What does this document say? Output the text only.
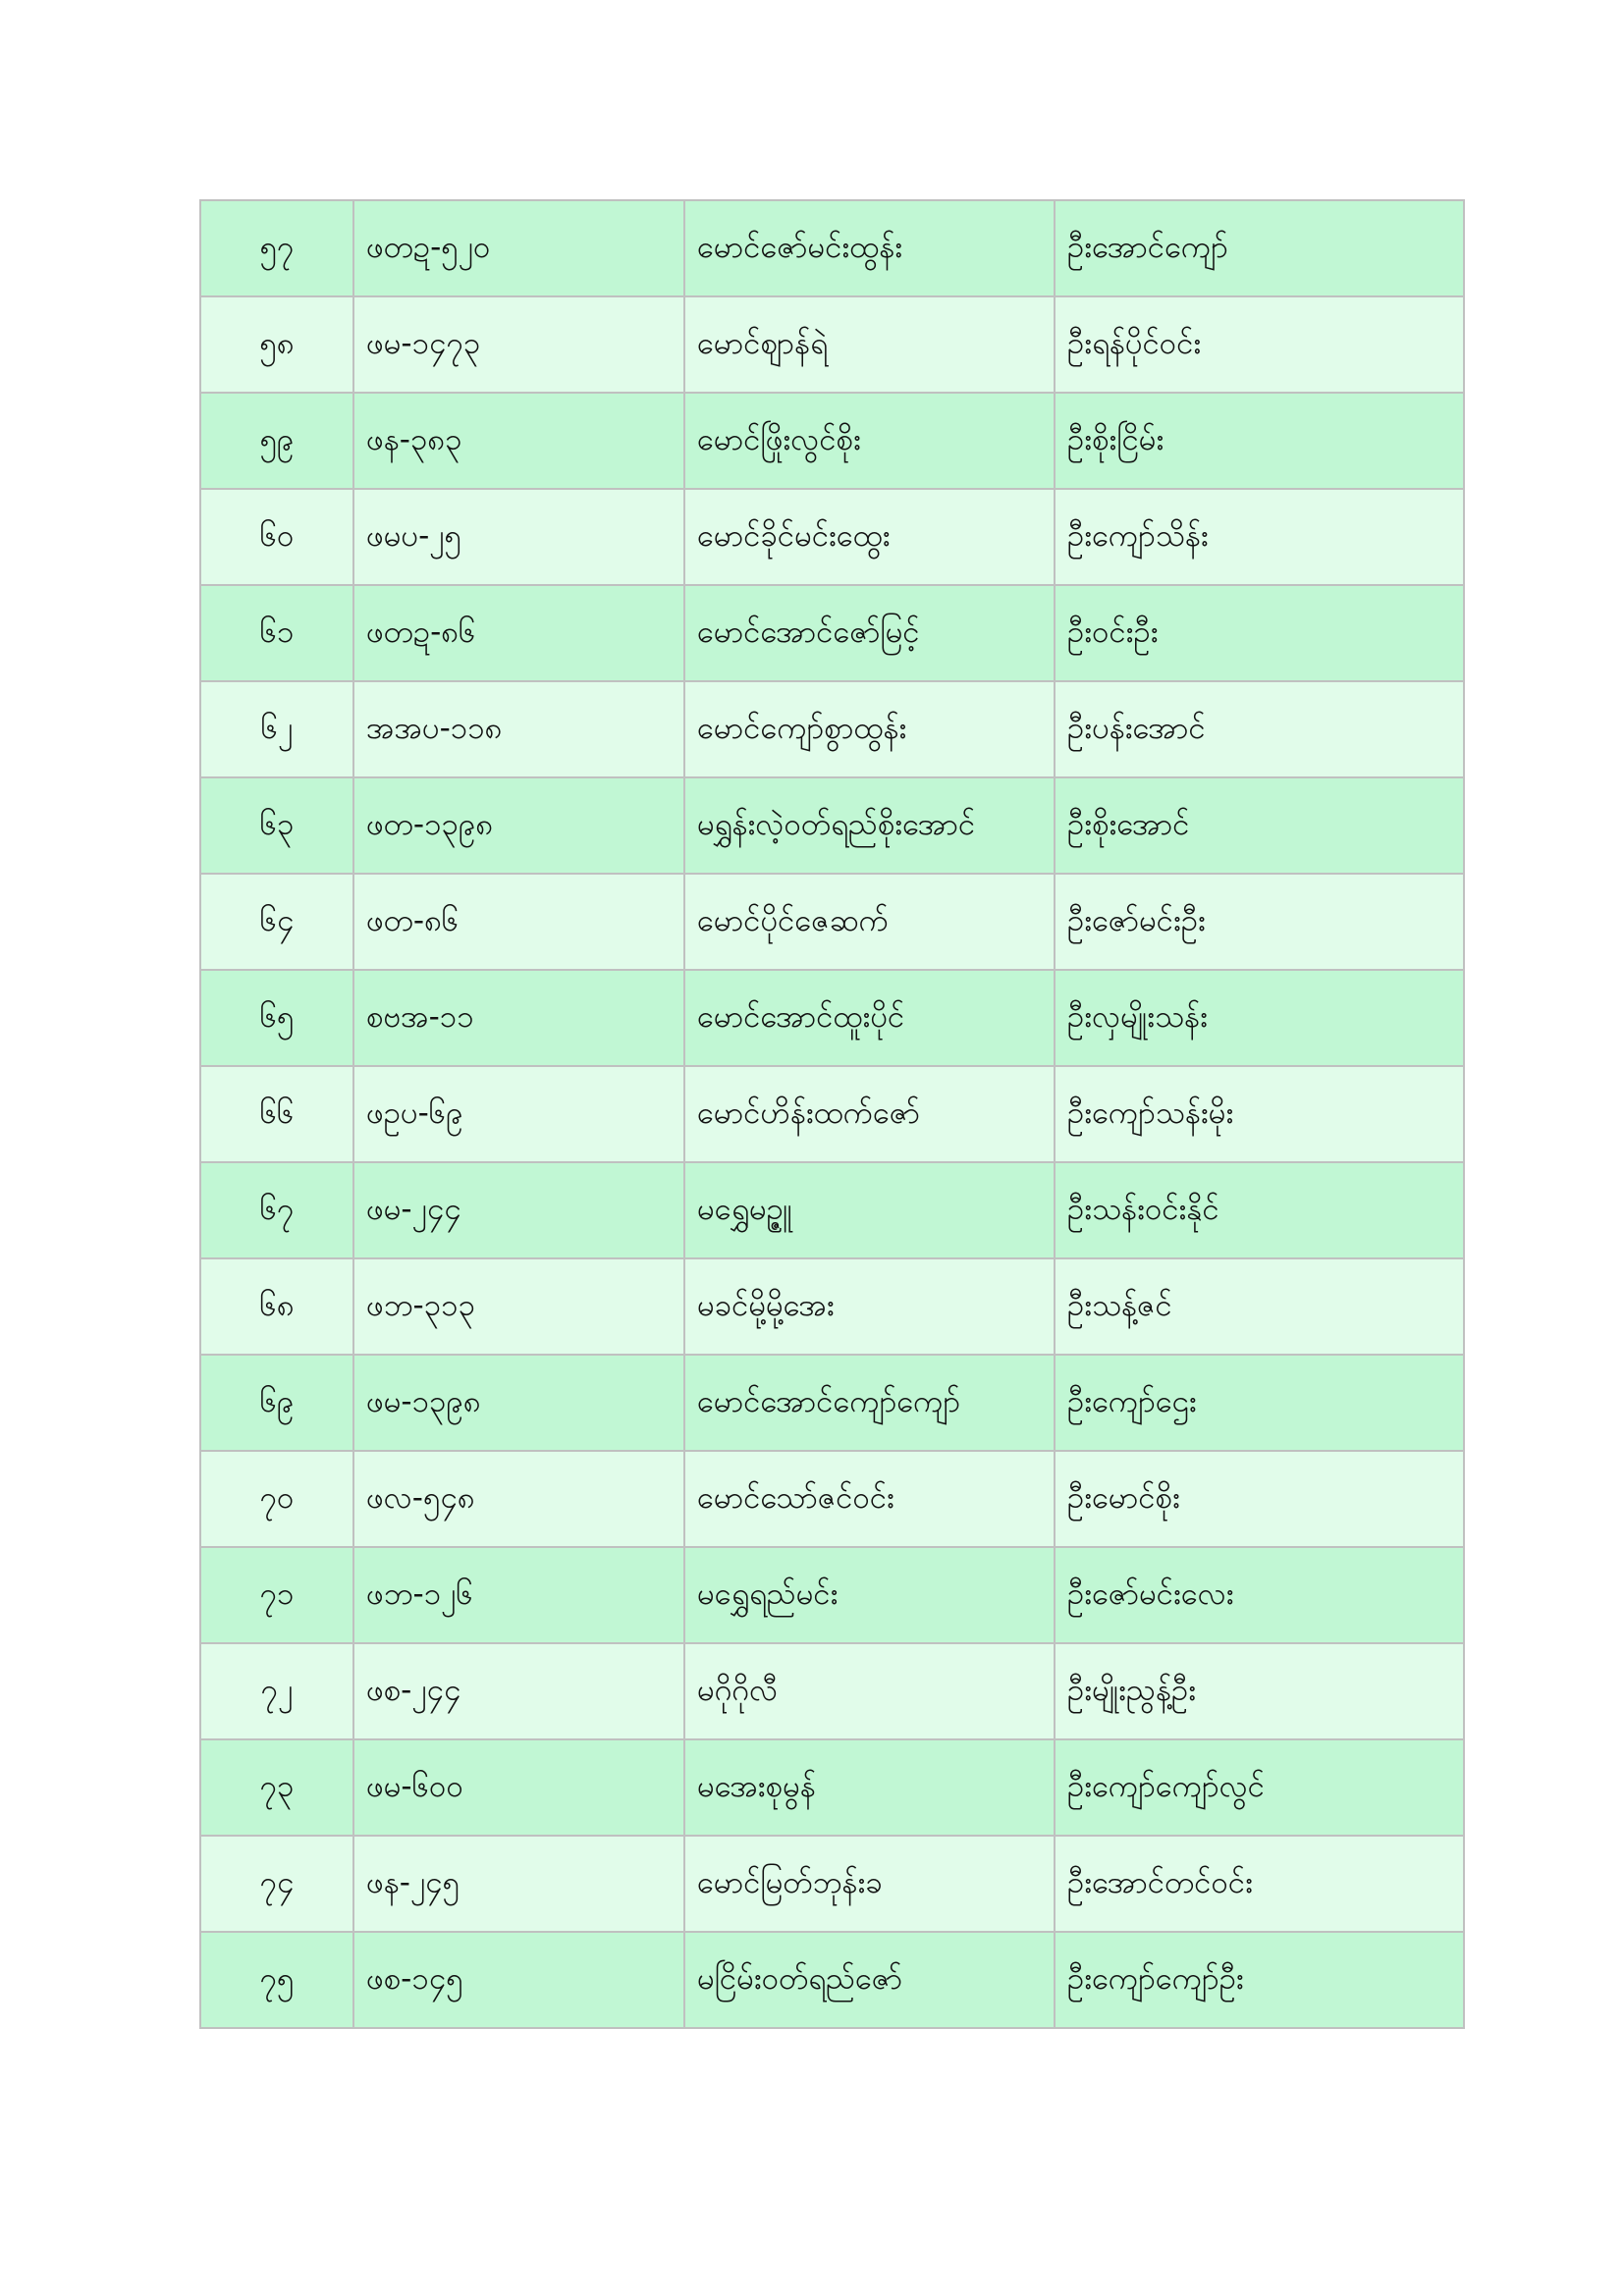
၅၇	ဖတဍ-၅၂၀	မောင်ဇော်မင်းထွန်း	ဦးအောင်ကျော်
၅၈	ဖမ-၁၄၇၃	မောင်ဈာန်ရဲ	ဦးရန်ပိုင်ဝင်း
၅၉	ဖန-၃၈၃	မောင်ဖြိုးလွင်စိုး	ဦးစိုးငြိမ်း
၆၀	ဖမပ-၂၅	မောင်ခိုင်မင်းထွေး	ဦးကျော်သိန်း
၆၁	ဖတဍ-၈၆	မောင်အောင်ဇော်မြင့်	ဦးဝင်းဦး
၆၂	အအပ-၁၁၈	မောင်ကျော်စွာထွန်း	ဦးပန်းအောင်
၆၃	ဖတ-၁၃၉၈	မရွှန်းလဲ့ဝတ်ရည်စိုးအောင်	ဦးစိုးအောင်
၆၄	ဖတ-၈၆	မောင်ပိုင်ဇေဆက်	ဦးဇော်မင်းဦး
၆၅	စဗအ-၁၁	မောင်အောင်ထူးပိုင်	ဦးလှမျိုးသန်း
၆၆	ဖဥပ-၆၉	မောင်ဟိန်းထက်ဇော်	ဦးကျော်သန်းမိုး
၆၇	ဖမ-၂၄၄	မရွှေမဥ္ဇူ	ဦးသန်းဝင်းနိုင်
၆၈	ဖဘ-၃၁၃	မခင်မို့မို့အေး	ဦးသန့်ဇင်
၆၉	ဖမ-၁၃၉၈	မောင်အောင်ကျော်ကျော်	ဦးကျော်ဌေး
၇၀	ဖလ-၅၄၈	မောင်သော်ဇင်ဝင်း	ဦးမောင်စိုး
၇၁	ဖဘ-၁၂၆	မရွှေရည်မင်း	ဦးဇော်မင်းလေး
၇၂	ဖစ-၂၄၄	မဂိုဂိုလီ	ဦးမျိုးညွန့်ဦး
၇၃	ဖမ-၆၀၀	မအေးစုမွန်	ဦးကျော်ကျော်လွင်
၇၄	ဖန-၂၄၅	မောင်မြတ်ဘုန်းခ	ဦးအောင်တင်ဝင်း
၇၅	ဖစ-၁၄၅	မငြိမ်းဝတ်ရည်ဇော်	ဦးကျော်ကျော်ဦး
